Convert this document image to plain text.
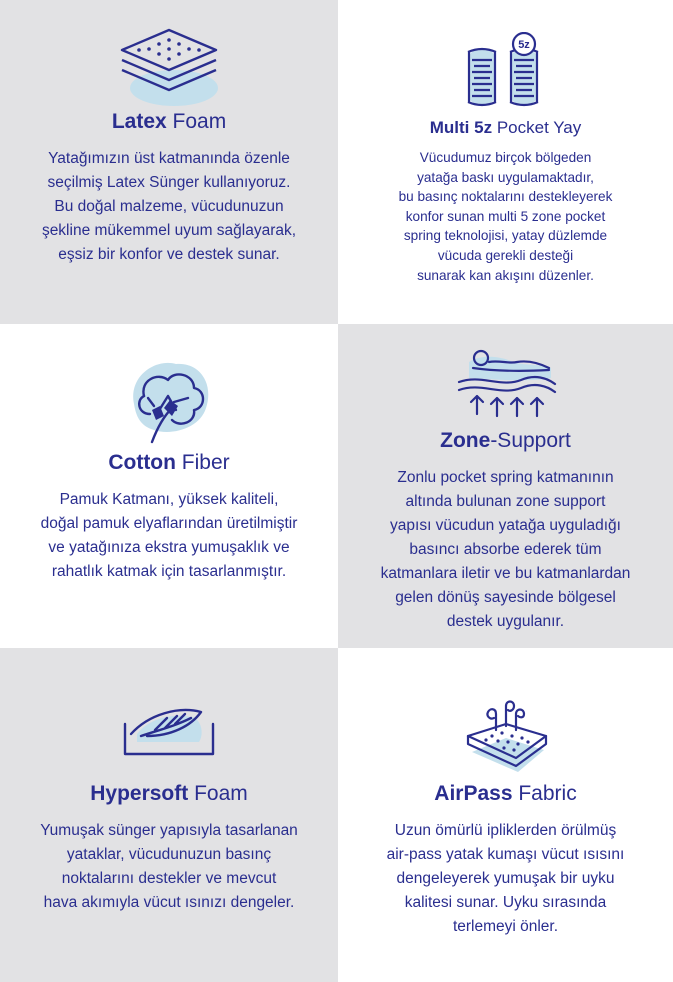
Latex Foam
Yatağımızın üst katmanında özenle
seçilmiş Latex Sünger kullanıyoruz.
Bu doğal malzeme, vücudunuzun
şekline mükemmel uyum sağlayarak,
eşsiz bir konfor ve destek sunar.
5z
Multi 5z Pocket Yay
Vücudumuz birçok bölgeden
yatağa baskı uygulamaktadır,
bu basınç noktalarını destekleyerek
konfor sunan multi 5 zone pocket
spring teknolojisi, yatay düzlemde
vücuda gerekli desteği
sunarak kan akışını düzenler.
Cotton Fiber
Pamuk Katmanı, yüksek kaliteli,
doğal pamuk elyaflarından üretilmiştir
ve yatağınıza ekstra yumuşaklık ve
rahatlık katmak için tasarlanmıştır.
Zone-Support
Zonlu pocket spring katmanının
altında bulunan zone support
yapısı vücudun yatağa uyguladığı
basıncı absorbe ederek tüm
katmanlara iletir ve bu katmanlardan
gelen dönüş sayesinde bölgesel
destek uygulanır.
Hypersoft Foam
Yumuşak sünger yapısıyla tasarlanan
yataklar, vücudunuzun basınç
noktalarını destekler ve mevcut
hava akımıyla vücut ısınızı dengeler.
AirPass Fabric
Uzun ömürlü ipliklerden örülmüş
air-pass yatak kumaşı vücut ısısını
dengeleyerek yumuşak bir uyku
kalitesi sunar. Uyku sırasında
terlemeyi önler.
